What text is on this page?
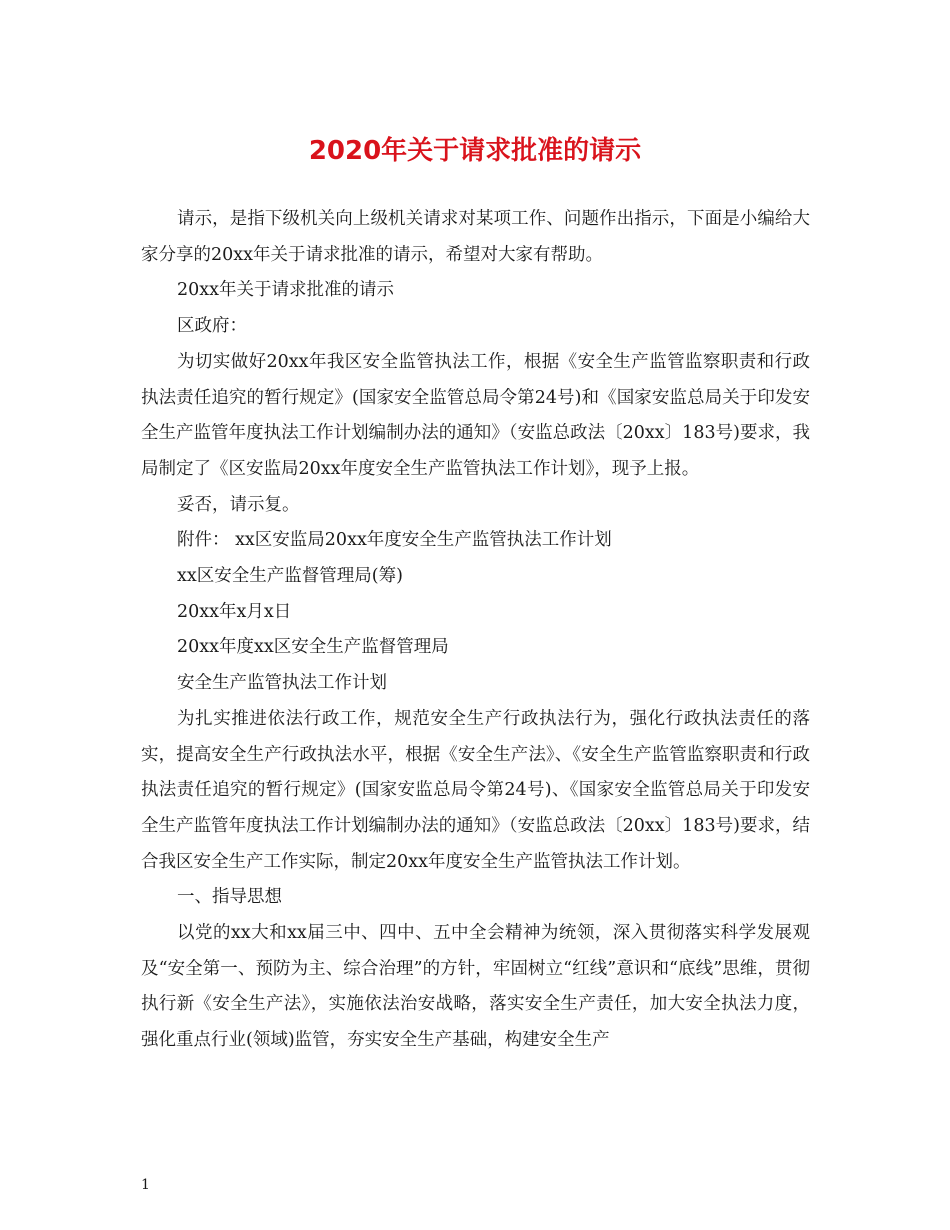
2020年关于请求批准的请示

请示，是指下级机关向上级机关请求对某项工作、问题作出指示，下面是小编给大家分享的20xx年关于请求批准的请示，希望对大家有帮助。

20xx年关于请求批准的请示

区政府：

为切实做好20xx年我区安全监管执法工作，根据《安全生产监管监察职责和行政执法责任追究的暂行规定》(国家安全监管总局令第24号)和《国家安监总局关于印发安全生产监管年度执法工作计划编制办法的通知》（安监总政法〔20xx〕183号)要求，我局制定了《区安监局20xx年度安全生产监管执法工作计划》，现予上报。

妥否，请示复。

附件： xx区安监局20xx年度安全生产监管执法工作计划

xx区安全生产监督管理局(筹)

20xx年x月x日

20xx年度xx区安全生产监督管理局

安全生产监管执法工作计划

为扎实推进依法行政工作，规范安全生产行政执法行为，强化行政执法责任的落实，提高安全生产行政执法水平，根据《安全生产法》、《安全生产监管监察职责和行政执法责任追究的暂行规定》(国家安监总局令第24号)、《国家安全监管总局关于印发安全生产监管年度执法工作计划编制办法的通知》（安监总政法〔20xx〕183号)要求，结合我区安全生产工作实际，制定20xx年度安全生产监管执法工作计划。

一、指导思想

以党的xx大和xx届三中、四中、五中全会精神为统领，深入贯彻落实科学发展观及“安全第一、预防为主、综合治理”的方针，牢固树立“红线”意识和“底线”思维，贯彻执行新《安全生产法》，实施依法治安战略，落实安全生产责任，加大安全执法力度，强化重点行业(领域)监管，夯实安全生产基础，构建安全生产

1
